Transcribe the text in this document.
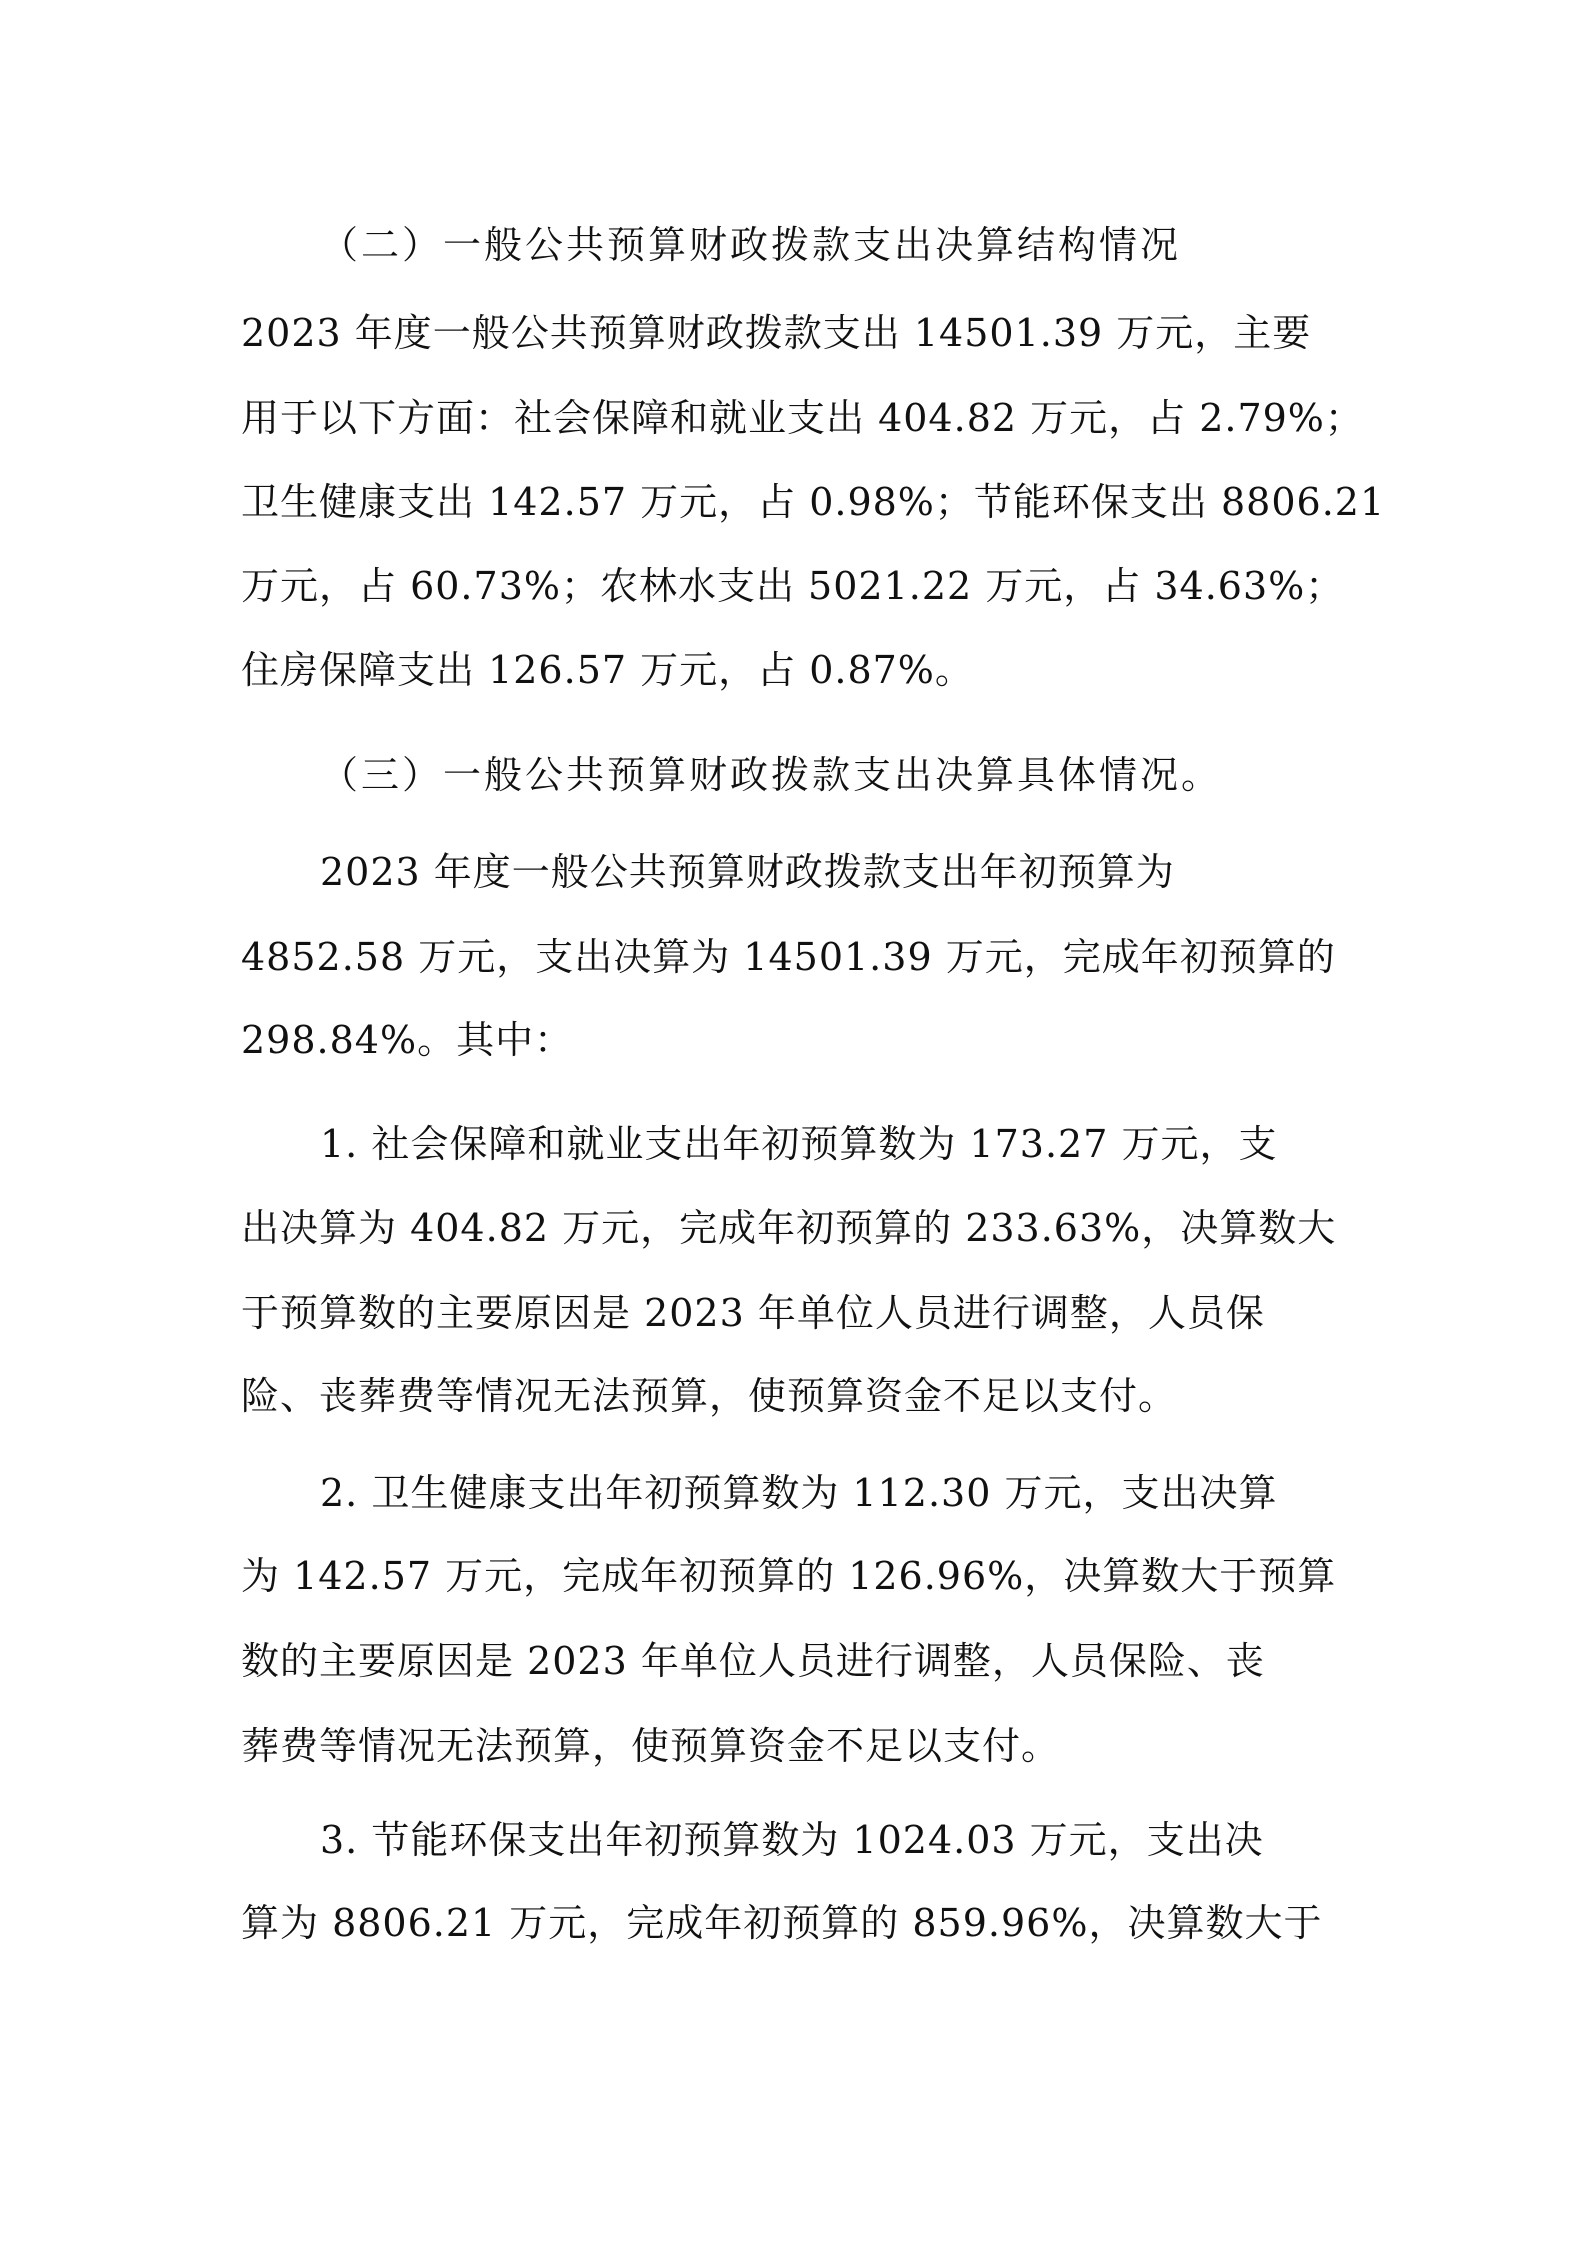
（二）一般公共预算财政拨款支出决算结构情况

2023 年度一般公共预算财政拨款支出 14501.39 万元，主要

用于以下方面：社会保障和就业支出 404.82 万元，占 2.79%；

卫生健康支出 142.57 万元，占 0.98%；节能环保支出 8806.21

万元，占 60.73%；农林水支出 5021.22 万元，占 34.63%；

住房保障支出 126.57 万元，占 0.87%。

（三）一般公共预算财政拨款支出决算具体情况。

2023 年度一般公共预算财政拨款支出年初预算为

4852.58 万元，支出决算为 14501.39 万元，完成年初预算的

298.84%。其中：

1. 社会保障和就业支出年初预算数为 173.27 万元，支

出决算为 404.82 万元，完成年初预算的 233.63%，决算数大

于预算数的主要原因是 2023 年单位人员进行调整，人员保

险、丧葬费等情况无法预算，使预算资金不足以支付。

2. 卫生健康支出年初预算数为 112.30 万元，支出决算

为 142.57 万元，完成年初预算的 126.96%，决算数大于预算

数的主要原因是 2023 年单位人员进行调整，人员保险、丧

葬费等情况无法预算，使预算资金不足以支付。

3. 节能环保支出年初预算数为 1024.03 万元，支出决

算为 8806.21 万元，完成年初预算的 859.96%，决算数大于
